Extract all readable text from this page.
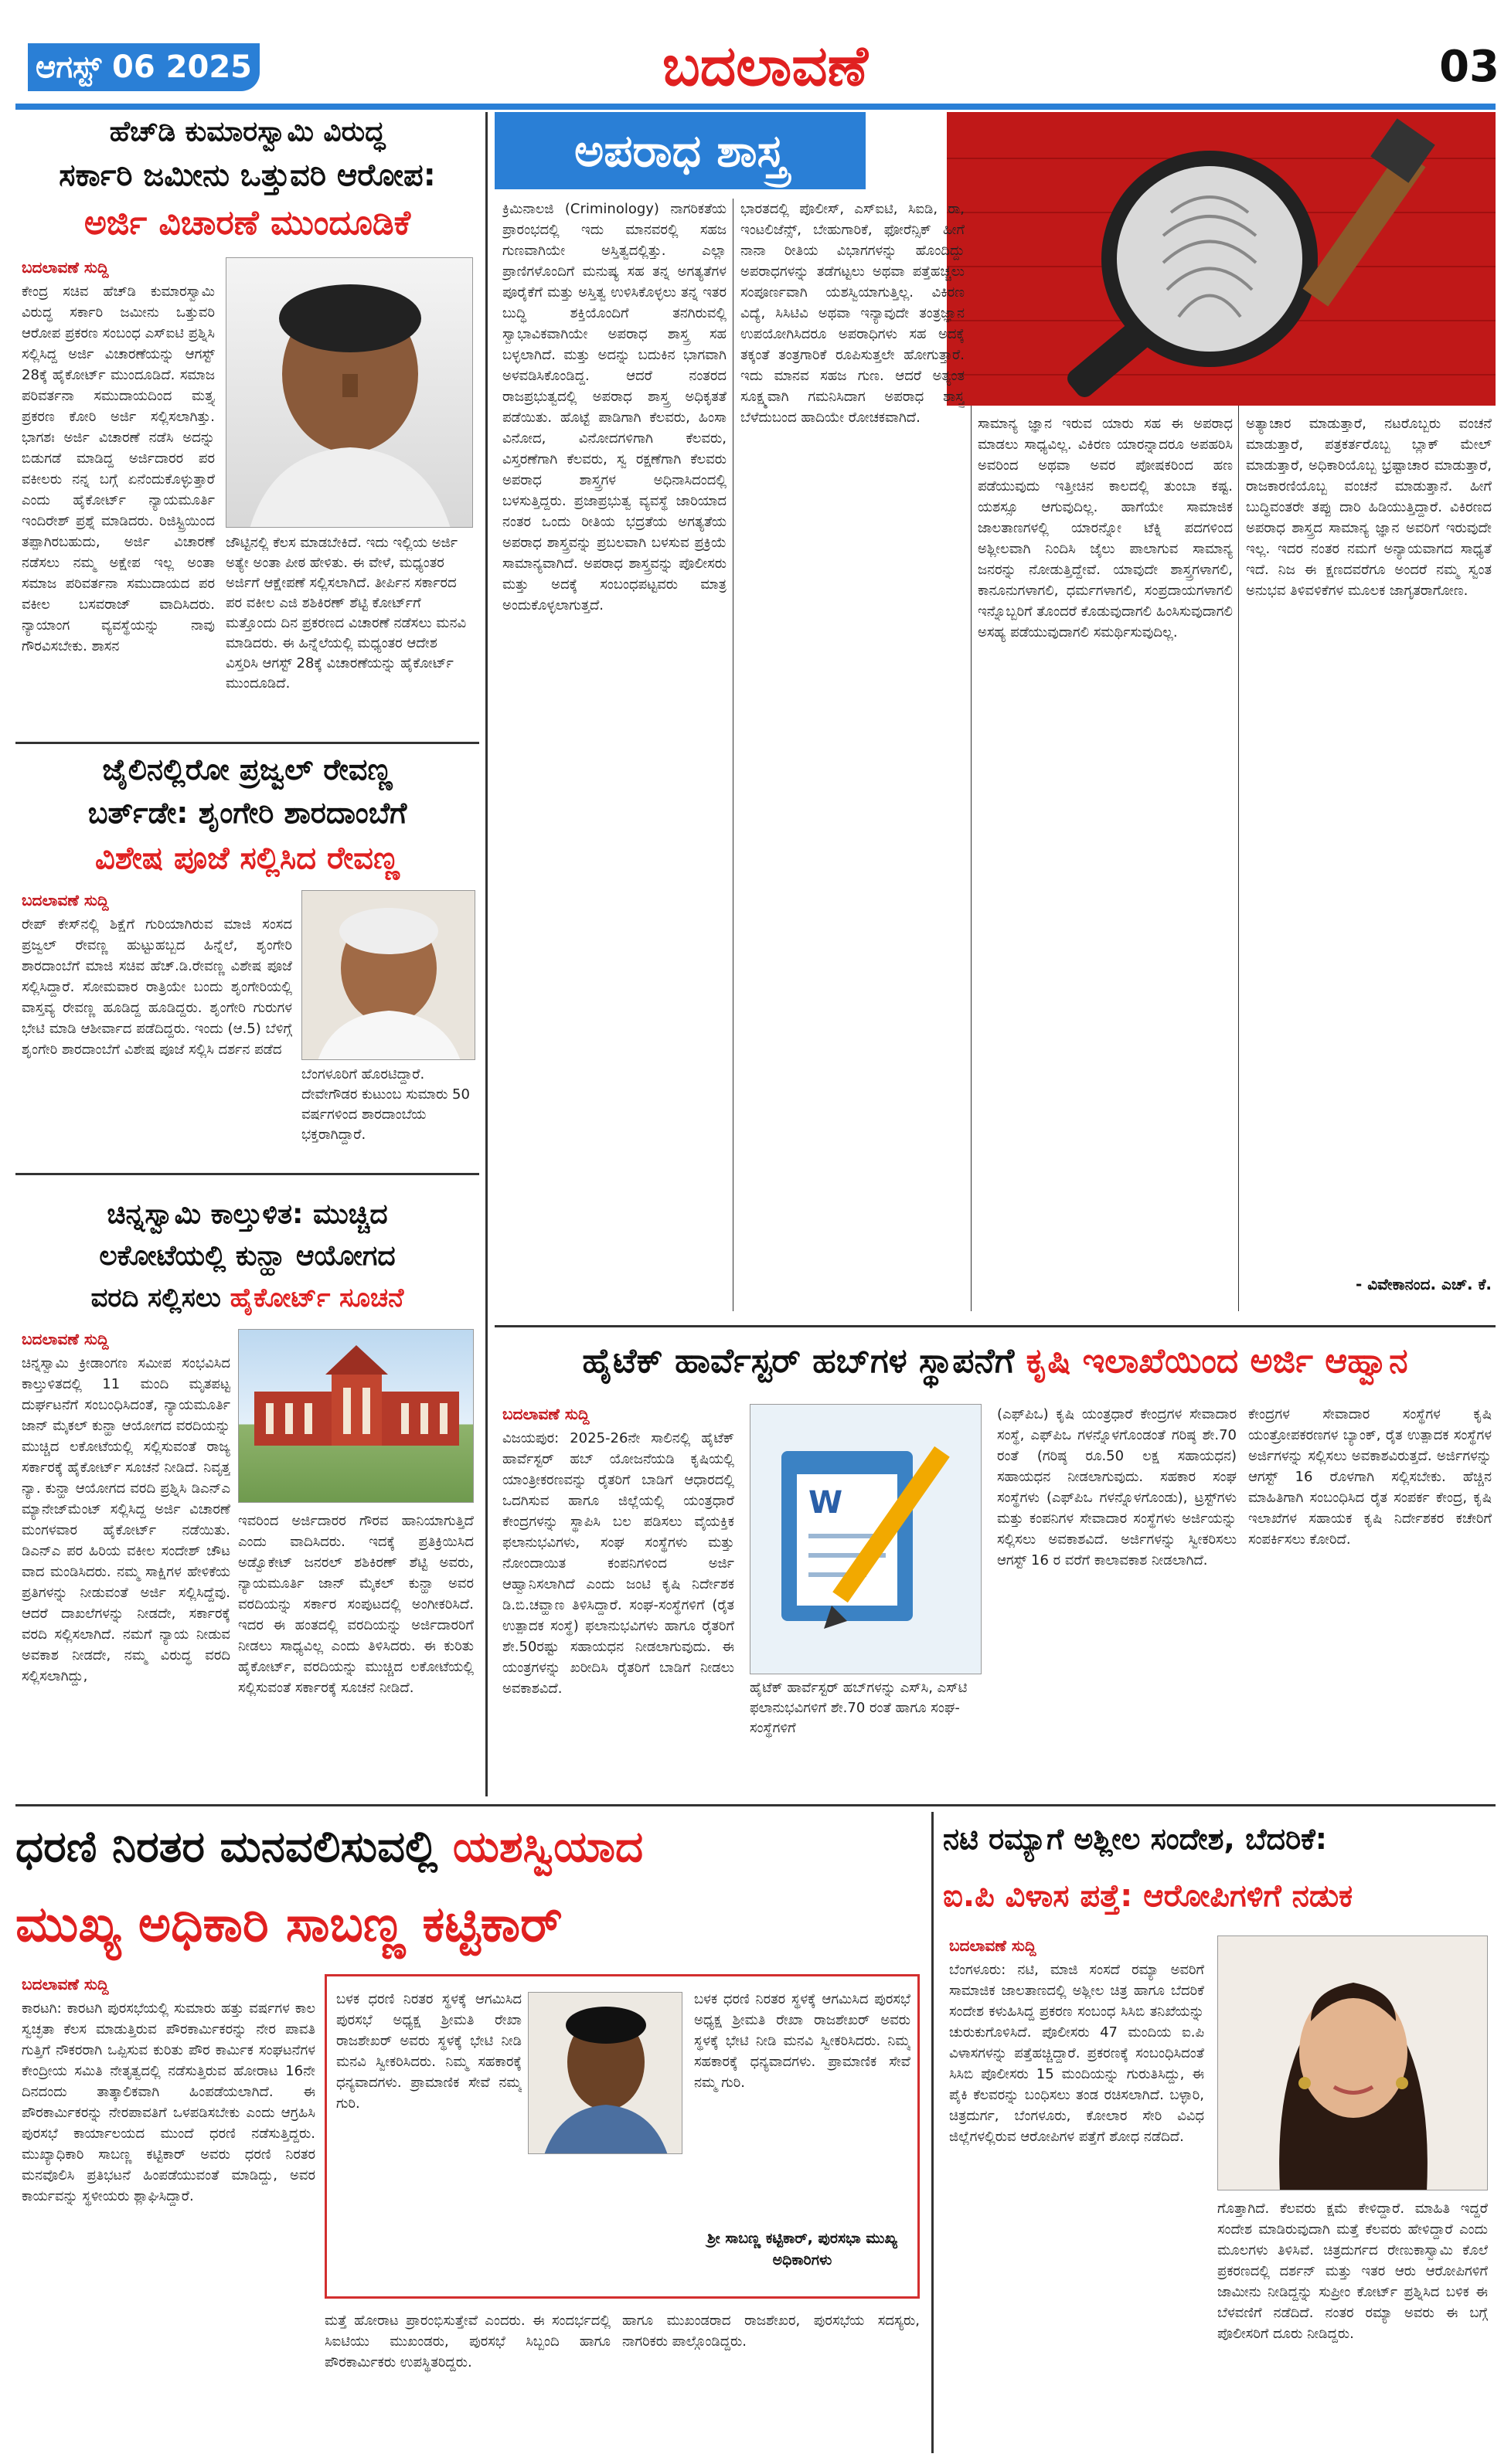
ಆಗಸ್ಟ್ 06 2025	ಬದಲಾವಣೆ	03
ಹೆಚ್‌ಡಿ ಕುಮಾರಸ್ವಾಮಿ ವಿರುದ್ಧ
ಸರ್ಕಾರಿ ಜಮೀನು ಒತ್ತುವರಿ ಆರೋಪ:
ಅರ್ಜಿ ವಿಚಾರಣೆ ಮುಂದೂಡಿಕೆ
ಬದಲಾವಣೆ ಸುದ್ದಿ
ಕೇಂದ್ರ ಸಚಿವ ಹೆಚ್‌ಡಿ ಕುಮಾರಸ್ವಾಮಿ ವಿರುದ್ಧ ಸರ್ಕಾರಿ ಜಮೀನು ಒತ್ತುವರಿ ಆರೋಪ ಪ್ರಕರಣ ಸಂಬಂಧ ಎಸ್‌ಐಟಿ ಪ್ರಶ್ನಿಸಿ ಸಲ್ಲಿಸಿದ್ದ ಅರ್ಜಿ ವಿಚಾರಣೆಯನ್ನು ಆಗಸ್ಟ್ 28ಕ್ಕೆ ಹೈಕೋರ್ಟ್ ಮುಂದೂಡಿದೆ. ಸಮಾಜ ಪರಿವರ್ತನಾ ಸಮುದಾಯದಿಂದ ಮತ್ತ್ಯ ಪ್ರಕರಣ ಕೋರಿ ಅರ್ಜಿ ಸಲ್ಲಿಸಲಾಗಿತ್ತು. ಭಾಗಶಃ ಅರ್ಜಿ ವಿಚಾರಣೆ ನಡೆಸಿ ಅದನ್ನು ಬಿಡುಗಡೆ ಮಾಡಿದ್ದ ಅರ್ಜಿದಾರರ ಪರ ವಕೀಲರು ನನ್ನ ಬಗ್ಗೆ ಏನೆಂದುಕೊಳ್ಳುತ್ತಾರೆ ಎಂದು ಹೈಕೋರ್ಟ್ ನ್ಯಾಯಮೂರ್ತಿ ಇಂದಿರೇಶ್ ಪ್ರಶ್ನೆ ಮಾಡಿದರು. ರಿಜಿಸ್ಟ್ರಿಯಿಂದ ತಪ್ಪಾಗಿರಬಹುದು, ಅರ್ಜಿ ವಿಚಾರಣೆ ನಡೆಸಲು ನಮ್ಮ ಅಕ್ಷೇಪ ಇಲ್ಲ ಅಂತಾ ಸಮಾಜ ಪರಿವರ್ತನಾ ಸಮುದಾಯದ ಪರ ವಕೀಲ ಬಸವರಾಜ್ ವಾದಿಸಿದರು. ನ್ಯಾಯಾಂಗ ವ್ಯವಸ್ಥೆಯನ್ನು ನಾವು ಗೌರವಿಸಬೇಕು. ಶಾಸನ
ಜೌಟ್ಟಿನಲ್ಲಿ ಕೆಲಸ ಮಾಡಬೇಕಿದೆ. ಇದು ಇಲ್ಲಿಯ ಅರ್ಜಿ ಅತ್ಯೇ ಅಂತಾ ಪೀಠ ಹೇಳಿತು. ಈ ವೇಳೆ, ಮಧ್ಯಂತರ ಅರ್ಜಿಗೆ ಆಕ್ಷೇಪಣೆ ಸಲ್ಲಿಸಲಾಗಿದೆ. ತೀರ್ಪಿನ ಸರ್ಕಾರದ ಪರ ವಕೀಲ ಎಜಿ ಶಶಿಕಿರಣ್ ಶೆಟ್ಟಿ ಕೋರ್ಟ್‌ಗೆ ಮತ್ತೊಂದು ದಿನ ಪ್ರಕರಣದ ವಿಚಾರಣೆ ನಡೆಸಲು ಮನವಿ ಮಾಡಿದರು. ಈ ಹಿನ್ನೆಲೆಯಲ್ಲಿ ಮಧ್ಯಂತರ ಆದೇಶ ವಿಸ್ತರಿಸಿ ಆಗಸ್ಟ್ 28ಕ್ಕೆ ವಿಚಾರಣೆಯನ್ನು ಹೈಕೋರ್ಟ್ ಮುಂದೂಡಿದೆ.
ಜೈಲಿನಲ್ಲಿರೋ ಪ್ರಜ್ವಲ್ ರೇವಣ್ಣ
ಬರ್ತ್‌ಡೇ: ಶೃಂಗೇರಿ ಶಾರದಾಂಬೆಗೆ
ವಿಶೇಷ ಪೂಜೆ ಸಲ್ಲಿಸಿದ ರೇವಣ್ಣ
ಬದಲಾವಣೆ ಸುದ್ದಿ
ರೇಪ್ ಕೇಸ್‌ನಲ್ಲಿ ಶಿಕ್ಷೆಗೆ ಗುರಿಯಾಗಿರುವ ಮಾಜಿ ಸಂಸದ ಪ್ರಜ್ವಲ್ ರೇವಣ್ಣ ಹುಟ್ಟುಹಬ್ಬದ ಹಿನ್ನೆಲೆ, ಶೃಂಗೇರಿ ಶಾರದಾಂಬೆಗೆ ಮಾಜಿ ಸಚಿವ ಹೆಚ್.ಡಿ.ರೇವಣ್ಣ ವಿಶೇಷ ಪೂಜೆ ಸಲ್ಲಿಸಿದ್ದಾರೆ. ಸೋಮವಾರ ರಾತ್ರಿಯೇ ಬಂದು ಶೃಂಗೇರಿಯಲ್ಲಿ ವಾಸ್ತವ್ಯ ರೇವಣ್ಣ ಹೂಡಿದ್ದ ಹೂಡಿದ್ದರು. ಶೃಂಗೇರಿ ಗುರುಗಳ ಭೇಟಿ ಮಾಡಿ ಆಶೀರ್ವಾದ ಪಡೆದಿದ್ದರು. ಇಂದು (ಆ.5) ಬೆಳಿಗ್ಗೆ ಶೃಂಗೇರಿ ಶಾರದಾಂಬೆಗೆ ವಿಶೇಷ ಪೂಜೆ ಸಲ್ಲಿಸಿ ದರ್ಶನ ಪಡೆದ
ಬೆಂಗಳೂರಿಗೆ ಹೊರಟಿದ್ದಾರೆ. ದೇವೇಗೌಡರ ಕುಟುಂಬ ಸುಮಾರು 50 ವರ್ಷಗಳಿಂದ ಶಾರದಾಂಬೆಯ ಭಕ್ತರಾಗಿದ್ದಾರೆ.
ಚಿನ್ನಸ್ವಾಮಿ ಕಾಲ್ತುಳಿತ: ಮುಚ್ಚಿದ
ಲಕೋಟೆಯಲ್ಲಿ ಕುನ್ಹಾ ಆಯೋಗದ
ವರದಿ ಸಲ್ಲಿಸಲು ಹೈಕೋರ್ಟ್ ಸೂಚನೆ
ಬದಲಾವಣೆ ಸುದ್ದಿ
ಚಿನ್ನಸ್ವಾಮಿ ಕ್ರೀಡಾಂಗಣ ಸಮೀಪ ಸಂಭವಿಸಿದ ಕಾಲ್ತುಳಿತದಲ್ಲಿ 11 ಮಂದಿ ಮೃತಪಟ್ಟ ದುರ್ಘಟನೆಗೆ ಸಂಬಂಧಿಸಿದಂತೆ, ನ್ಯಾಯಮೂರ್ತಿ ಜಾನ್ ಮೈಕಲ್ ಕುನ್ಹಾ ಆಯೋಗದ ವರದಿಯನ್ನು ಮುಚ್ಚಿದ ಲಕೋಟೆಯಲ್ಲಿ ಸಲ್ಲಿಸುವಂತೆ ರಾಜ್ಯ ಸರ್ಕಾರಕ್ಕೆ ಹೈಕೋರ್ಟ್ ಸೂಚನೆ ನೀಡಿದೆ. ನಿವೃತ್ತ ನ್ಯಾ. ಕುನ್ಹಾ ಆಯೋಗದ ವರದಿ ಪ್ರಶ್ನಿಸಿ ಡಿಎನ್‌ಎ ಮ್ಯಾನೇಜ್‌ಮೆಂಟ್ ಸಲ್ಲಿಸಿದ್ದ ಅರ್ಜಿ ವಿಚಾರಣೆ ಮಂಗಳವಾರ ಹೈಕೋರ್ಟ್ ನಡೆಯಿತು. ಡಿಎನ್‌ಎ ಪರ ಹಿರಿಯ ವಕೀಲ ಸಂದೇಶ್ ಚೌಟ ವಾದ ಮಂಡಿಸಿದರು. ನಮ್ಮ ಸಾಕ್ಷಿಗಳ ಹೇಳಿಕೆಯ ಪ್ರತಿಗಳನ್ನು ನೀಡುವಂತೆ ಅರ್ಜಿ ಸಲ್ಲಿಸಿದ್ದೆವು. ಆದರೆ ದಾಖಲೆಗಳನ್ನು ನೀಡದೇ, ಸರ್ಕಾರಕ್ಕೆ ವರದಿ ಸಲ್ಲಿಸಲಾಗಿದೆ. ನಮಗೆ ನ್ಯಾಯ ನೀಡುವ ಅವಕಾಶ ನೀಡದೇ, ನಮ್ಮ ವಿರುದ್ಧ ವರದಿ ಸಲ್ಲಿಸಲಾಗಿದ್ದು,
ಇವರಿಂದ ಅರ್ಜಿದಾರರ ಗೌರವ ಹಾನಿಯಾಗುತ್ತಿದೆ ಎಂದು ವಾದಿಸಿದರು. ಇದಕ್ಕೆ ಪ್ರತಿಕ್ರಿಯಿಸಿದ ಅಡ್ವೊಕೇಟ್ ಜನರಲ್ ಶಶಿಕಿರಣ್ ಶೆಟ್ಟಿ ಅವರು, ನ್ಯಾಯಮೂರ್ತಿ ಜಾನ್ ಮೈಕಲ್ ಕುನ್ಹಾ ಅವರ ವರದಿಯನ್ನು ಸರ್ಕಾರ ಸಂಪುಟದಲ್ಲಿ ಅಂಗೀಕರಿಸಿದೆ. ಇದರ ಈ ಹಂತದಲ್ಲಿ ವರದಿಯನ್ನು ಅರ್ಜಿದಾರರಿಗೆ ನೀಡಲು ಸಾಧ್ಯವಿಲ್ಲ ಎಂದು ತಿಳಿಸಿದರು. ಈ ಕುರಿತು ಹೈಕೋರ್ಟ್, ವರದಿಯನ್ನು ಮುಚ್ಚಿದ ಲಕೋಟೆಯಲ್ಲಿ ಸಲ್ಲಿಸುವಂತೆ ಸರ್ಕಾರಕ್ಕೆ ಸೂಚನೆ ನೀಡಿದೆ.
ಅಪರಾಧ ಶಾಸ್ತ್ರ
ಕ್ರಿಮಿನಾಲಜಿ (Criminology) ನಾಗರಿಕತೆಯ ಪ್ರಾರಂಭದಲ್ಲಿ ಇದು ಮಾನವರಲ್ಲಿ ಸಹಜ ಗುಣವಾಗಿಯೇ ಅಸ್ತಿತ್ವದಲ್ಲಿತ್ತು. ಎಲ್ಲಾ ಪ್ರಾಣಿಗಳೊಂದಿಗೆ ಮನುಷ್ಯ ಸಹ ತನ್ನ ಅಗತ್ಯತೆಗಳ ಪೂರೈಕೆಗೆ ಮತ್ತು ಅಸ್ತಿತ್ವ ಉಳಿಸಿಕೊಳ್ಳಲು ತನ್ನ ಇತರ ಬುದ್ಧಿ ಶಕ್ತಿಯೊಂದಿಗೆ ತನಗಿರುವಲ್ಲಿ ಸ್ವಾಭಾವಿಕವಾಗಿಯೇ ಅಪರಾಧ ಶಾಸ್ತ್ರ ಸಹ ಬಳ್ಳಲಾಗಿದೆ. ಮತ್ತು ಅದನ್ನು ಬದುಕಿನ ಭಾಗವಾಗಿ ಅಳವಡಿಸಿಕೊಂಡಿದ್ದ. ಆದರೆ ನಂತರದ ರಾಜಪ್ರಭುತ್ವದಲ್ಲಿ ಅಪರಾಧ ಶಾಸ್ತ್ರ ಅಧಿಕೃತತೆ ಪಡೆಯಿತು. ಹೊಟ್ಟೆ ಪಾಡಿಗಾಗಿ ಕೆಲವರು, ಹಿಂಸಾ ವಿನೋದ, ವಿನೋದಗಳಿಗಾಗಿ ಕೆಲವರು, ವಿಸ್ತರಣೆಗಾಗಿ ಕೆಲವರು, ಸ್ವ ರಕ್ಷಣೆಗಾಗಿ ಕೆಲವರು ಅಪರಾಧ ಶಾಸ್ತ್ರಗಳ ಅಧಿನಾಸಿದಂದಲ್ಲಿ ಬಳಸುತ್ತಿದ್ದರು. ಪ್ರಜಾಪ್ರಭುತ್ವ ವ್ಯವಸ್ಥೆ ಜಾರಿಯಾದ ನಂತರ ಒಂದು ರೀತಿಯ ಭದ್ರತೆಯ ಅಗತ್ಯತೆಯ ಅಪರಾಧ ಶಾಸ್ತ್ರವನ್ನು ಪ್ರಬಲವಾಗಿ ಬಳಸುವ ಪ್ರಕ್ರಿಯೆ ಸಾಮಾನ್ಯವಾಗಿದೆ. ಅಪರಾಧ ಶಾಸ್ತ್ರವನ್ನು ಪೊಲೀಸರು ಮತ್ತು ಅದಕ್ಕೆ ಸಂಬಂಧಪಟ್ಟವರು ಮಾತ್ರ ಅಂದುಕೊಳ್ಳಲಾಗುತ್ತದೆ.
ಭಾರತದಲ್ಲಿ ಪೊಲೀಸ್, ಎಸ್‌ಐಟಿ, ಸಿಐಡಿ, ರಾ, ಇಂಟಲಿಜೆನ್ಸ್, ಬೇಹುಗಾರಿಕೆ, ಫೋರೆನ್ಸಿಕ್ ಹೀಗೆ ನಾನಾ ರೀತಿಯ ವಿಭಾಗಗಳನ್ನು ಹೊಂದಿದ್ದು ಅಪರಾಧಗಳನ್ನು ತಡೆಗಟ್ಟಲು ಅಥವಾ ಪತ್ತೆಹಚ್ಚಲು ಸಂಪೂರ್ಣವಾಗಿ ಯಶಸ್ವಿಯಾಗುತ್ತಿಲ್ಲ. ವಿಕಿರಣ ವಿದ್ಯೆ, ಸಿಸಿಟಿವಿ ಅಥವಾ ಇನ್ಯಾವುದೇ ತಂತ್ರಜ್ಞಾನ ಉಪಯೋಗಿಸಿದರೂ ಅಪರಾಧಿಗಳು ಸಹ ಅದಕ್ಕೆ ತಕ್ಕಂತೆ ತಂತ್ರಗಾರಿಕೆ ರೂಪಿಸುತ್ತಲೇ ಹೋಗುತ್ತಾರೆ. ಇದು ಮಾನವ ಸಹಜ ಗುಣ. ಆದರೆ ಅತ್ಯಂತ ಸೂಕ್ಷ್ಮವಾಗಿ ಗಮನಿಸಿದಾಗ ಅಪರಾಧ ಶಾಸ್ತ್ರ ಬೆಳೆದುಬಂದ ಹಾದಿಯೇ ರೋಚಕವಾಗಿದೆ.	ಸಾಮಾನ್ಯ ಜ್ಞಾನ ಇರುವ ಯಾರು ಸಹ ಈ ಅಪರಾಧ ಮಾಡಲು ಸಾಧ್ಯವಿಲ್ಲ. ವಿಕಿರಣ ಯಾರನ್ನಾದರೂ ಅಪಹರಿಸಿ ಅವರಿಂದ ಅಥವಾ ಅವರ ಪೋಷಕರಿಂದ ಹಣ ಪಡೆಯುವುದು ಇತ್ತೀಚಿನ ಕಾಲದಲ್ಲಿ ತುಂಬಾ ಕಷ್ಟ. ಯಶಸ್ಸೂ ಆಗುವುದಿಲ್ಲ. ಹಾಗೆಯೇ ಸಾಮಾಜಿಕ ಜಾಲತಾಣಗಳಲ್ಲಿ ಯಾರನ್ನೋ ಟೆಕ್ನಿ ಪದಗಳಿಂದ ಅಶ್ಲೀಲವಾಗಿ ನಿಂದಿಸಿ ಜೈಲು ಪಾಲಾಗುವ ಸಾಮಾನ್ಯ ಜನರನ್ನು ನೋಡುತ್ತಿದ್ದೇವೆ. ಯಾವುದೇ ಶಾಸ್ತ್ರಗಳಾಗಲಿ, ಕಾನೂನುಗಳಾಗಲಿ, ಧರ್ಮಗಳಾಗಲಿ, ಸಂಪ್ರದಾಯಗಳಾಗಲಿ ಇನ್ನೊಬ್ಬರಿಗೆ ತೊಂದರೆ ಕೊಡುವುದಾಗಲಿ ಹಿಂಸಿಸುವುದಾಗಲಿ ಅಸಹ್ಯ ಪಡೆಯುವುದಾಗಲಿ ಸಮರ್ಥಿಸುವುದಿಲ್ಲ.
ಅತ್ಯಾಚಾರ ಮಾಡುತ್ತಾರೆ, ನಟರೊಬ್ಬರು ವಂಚನೆ ಮಾಡುತ್ತಾರೆ, ಪತ್ರಕರ್ತರೊಬ್ಬ ಬ್ಲಾಕ್ ಮೇಲ್ ಮಾಡುತ್ತಾರೆ, ಅಧಿಕಾರಿಯೊಬ್ಬ ಭ್ರಷ್ಟಾಚಾರ ಮಾಡುತ್ತಾರೆ, ರಾಜಕಾರಣಿಯೊಬ್ಬ ವಂಚನೆ ಮಾಡುತ್ತಾನೆ. ಹೀಗೆ ಬುದ್ಧಿವಂತರೇ ತಪ್ಪು ದಾರಿ ಹಿಡಿಯುತ್ತಿದ್ದಾರೆ. ವಿಕಿರಣದ ಅಪರಾಧ ಶಾಸ್ತ್ರದ ಸಾಮಾನ್ಯ ಜ್ಞಾನ ಅವರಿಗೆ ಇರುವುದೇ ಇಲ್ಲ. ಇದರ ನಂತರ ನಮಗೆ ಅನ್ಯಾಯವಾಗದ ಸಾಧ್ಯತೆ ಇದೆ. ನಿಜ ಈ ಕ್ಷಣದವರೆಗೂ ಅಂದರೆ ನಮ್ಮ ಸ್ವಂತ ಅನುಭವ ತಿಳಿವಳಿಕೆಗಳ ಮೂಲಕ ಜಾಗೃತರಾಗೋಣ.
- ವಿವೇಕಾನಂದ. ಎಚ್. ಕೆ.
ಹೈಟೆಕ್ ಹಾರ್ವೆಸ್ಟರ್ ಹಬ್‌ಗಳ ಸ್ಥಾಪನೆಗೆ ಕೃಷಿ ಇಲಾಖೆಯಿಂದ ಅರ್ಜಿ ಆಹ್ವಾನ
ಬದಲಾವಣೆ ಸುದ್ದಿ
ವಿಜಯಪುರ: 2025-26ನೇ ಸಾಲಿನಲ್ಲಿ ಹೈಟೆಕ್ ಹಾರ್ವೆಸ್ಟರ್ ಹಬ್ ಯೋಜನೆಯಡಿ ಕೃಷಿಯಲ್ಲಿ ಯಾಂತ್ರೀಕರಣವನ್ನು ರೈತರಿಗೆ ಬಾಡಿಗೆ ಆಧಾರದಲ್ಲಿ ಒದಗಿಸುವ ಹಾಗೂ ಜಿಲ್ಲೆಯಲ್ಲಿ ಯಂತ್ರಧಾರೆ ಕೇಂದ್ರಗಳನ್ನು ಸ್ಥಾಪಿಸಿ ಬಲ ಪಡಿಸಲು ವೈಯಕ್ತಿಕ ಫಲಾನುಭವಿಗಳು, ಸಂಘ ಸಂಸ್ಥೆಗಳು ಮತ್ತು ನೋಂದಾಯಿತ ಕಂಪನಿಗಳಿಂದ ಅರ್ಜಿ ಆಹ್ವಾನಿಸಲಾಗಿದೆ ಎಂದು ಜಂಟಿ ಕೃಷಿ ನಿರ್ದೇಶಕ ಡಿ.ಬಿ.ಚವ್ಹಾಣ ತಿಳಿಸಿದ್ದಾರೆ. ಸಂಘ-ಸಂಸ್ಥೆಗಳಿಗೆ (ರೈತ ಉತ್ಪಾದಕ ಸಂಸ್ಥೆ) ಫಲಾನುಭವಿಗಳು ಹಾಗೂ ರೈತರಿಗೆ ಶೇ.50ರಷ್ಟು ಸಹಾಯಧನ ನೀಡಲಾಗುವುದು. ಈ ಯಂತ್ರಗಳನ್ನು ಖರೀದಿಸಿ ರೈತರಿಗೆ ಬಾಡಿಗೆ ನೀಡಲು ಅವಕಾಶವಿದೆ.
W
ಹೈಟೆಕ್ ಹಾರ್ವೆಸ್ಟರ್ ಹಬ್‌ಗಳನ್ನು ಎಸ್‌ಸಿ, ಎಸ್‌ಟಿ ಫಲಾನುಭವಿಗಳಿಗೆ ಶೇ.70 ರಂತೆ ಹಾಗೂ ಸಂಘ-ಸಂಸ್ಥೆಗಳಿಗೆ
(ಎಫ್‌ಪಿಒ) ಕೃಷಿ ಯಂತ್ರಧಾರೆ ಕೇಂದ್ರಗಳ ಸೇವಾದಾರ ಸಂಸ್ಥೆ, ಎಫ್‌ಪಿಒ ಗಳನ್ನೊಳಗೊಂಡಂತೆ ಗರಿಷ್ಠ ಶೇ.70 ರಂತೆ (ಗರಿಷ್ಠ ರೂ.50 ಲಕ್ಷ ಸಹಾಯಧನ) ಸಹಾಯಧನ ನೀಡಲಾಗುವುದು. ಸಹಕಾರ ಸಂಘ ಸಂಸ್ಥೆಗಳು (ಎಫ್‌ಪಿಒ ಗಳನ್ನೊಳಗೊಂಡು), ಟ್ರಸ್ಟ್‌ಗಳು ಮತ್ತು ಕಂಪನಿಗಳ ಸೇವಾದಾರ ಸಂಸ್ಥೆಗಳು ಅರ್ಜಿಯನ್ನು ಸಲ್ಲಿಸಲು ಅವಕಾಶವಿದೆ. ಅರ್ಜಿಗಳನ್ನು ಸ್ವೀಕರಿಸಲು ಆಗಸ್ಟ್ 16 ರ ವರೆಗೆ ಕಾಲಾವಕಾಶ ನೀಡಲಾಗಿದೆ.
ಕೇಂದ್ರಗಳ ಸೇವಾದಾರ ಸಂಸ್ಥೆಗಳ ಕೃಷಿ ಯಂತ್ರೋಪಕರಣಗಳ ಬ್ಯಾಂಕ್, ರೈತ ಉತ್ಪಾದಕ ಸಂಸ್ಥೆಗಳ ಅರ್ಜಿಗಳನ್ನು ಸಲ್ಲಿಸಲು ಅವಕಾಶವಿರುತ್ತದೆ. ಅರ್ಜಿಗಳನ್ನು ಆಗಸ್ಟ್ 16 ರೊಳಗಾಗಿ ಸಲ್ಲಿಸಬೇಕು. ಹೆಚ್ಚಿನ ಮಾಹಿತಿಗಾಗಿ ಸಂಬಂಧಿಸಿದ ರೈತ ಸಂಪರ್ಕ ಕೇಂದ್ರ, ಕೃಷಿ ಇಲಾಖೆಗಳ ಸಹಾಯಕ ಕೃಷಿ ನಿರ್ದೇಶಕರ ಕಚೇರಿಗೆ ಸಂಪರ್ಕಿಸಲು ಕೋರಿದೆ.
ಧರಣಿ ನಿರತರ ಮನವಲಿಸುವಲ್ಲಿ ಯಶಸ್ವಿಯಾದ
ಮುಖ್ಯ ಅಧಿಕಾರಿ ಸಾಬಣ್ಣ ಕಟ್ಟಿಕಾರ್
ಬದಲಾವಣೆ ಸುದ್ದಿ
ಕಾರಟಗಿ: ಕಾರಟಗಿ ಪುರಸಭೆಯಲ್ಲಿ ಸುಮಾರು ಹತ್ತು ವರ್ಷಗಳ ಕಾಲ ಸ್ವಚ್ಛತಾ ಕೆಲಸ ಮಾಡುತ್ತಿರುವ ಪೌರಕಾರ್ಮಿಕರನ್ನು ನೇರ ಪಾವತಿ ಗುತ್ತಿಗೆ ನೌಕರರಾಗಿ ಒಪ್ಪಿಸುವ ಕುರಿತು ಪೌರ ಕಾರ್ಮಿಕ ಸಂಘಟನೆಗಳ ಕೇಂದ್ರೀಯ ಸಮಿತಿ ನೇತೃತ್ವದಲ್ಲಿ ನಡೆಸುತ್ತಿರುವ ಹೋರಾಟ 16ನೇ ದಿನದಂದು ತಾತ್ಕಾಲಿಕವಾಗಿ ಹಿಂಪಡೆಯಲಾಗಿದೆ. ಈ ಪೌರಕಾರ್ಮಿಕರನ್ನು ನೇರಪಾವತಿಗೆ ಒಳಪಡಿಸಬೇಕು ಎಂದು ಆಗ್ರಹಿಸಿ ಪುರಸಭೆ ಕಾರ್ಯಾಲಯದ ಮುಂದೆ ಧರಣಿ ನಡೆಸುತ್ತಿದ್ದರು. ಮುಖ್ಯಾಧಿಕಾರಿ ಸಾಬಣ್ಣ ಕಟ್ಟಿಕಾರ್ ಅವರು ಧರಣಿ ನಿರತರ ಮನವೊಲಿಸಿ ಪ್ರತಿಭಟನೆ ಹಿಂಪಡೆಯುವಂತೆ ಮಾಡಿದ್ದು, ಅವರ ಕಾರ್ಯವನ್ನು ಸ್ಥಳೀಯರು ಶ್ಲಾಘಿಸಿದ್ದಾರೆ.
ಬಳಕ ಧರಣಿ ನಿರತರ ಸ್ಥಳಕ್ಕೆ ಆಗಮಿಸಿದ ಪುರಸಭೆ ಅಧ್ಯಕ್ಷ ಶ್ರೀಮತಿ ರೇಖಾ ರಾಜಶೇಖರ್ ಅವರು ಸ್ಥಳಕ್ಕೆ ಭೇಟಿ ನೀಡಿ ಮನವಿ ಸ್ವೀಕರಿಸಿದರು. ನಿಮ್ಮ ಸಹಕಾರಕ್ಕೆ ಧನ್ಯವಾದಗಳು. ಪ್ರಾಮಾಣಿಕ ಸೇವೆ ನಮ್ಮ ಗುರಿ.
ಬಳಕ ಧರಣಿ ನಿರತರ ಸ್ಥಳಕ್ಕೆ ಆಗಮಿಸಿದ ಪುರಸಭೆ ಅಧ್ಯಕ್ಷ ಶ್ರೀಮತಿ ರೇಖಾ ರಾಜಶೇಖರ್ ಅವರು ಸ್ಥಳಕ್ಕೆ ಭೇಟಿ ನೀಡಿ ಮನವಿ ಸ್ವೀಕರಿಸಿದರು. ನಿಮ್ಮ ಸಹಕಾರಕ್ಕೆ ಧನ್ಯವಾದಗಳು. ಪ್ರಾಮಾಣಿಕ ಸೇವೆ ನಮ್ಮ ಗುರಿ.
ಶ್ರೀ ಸಾಬಣ್ಣ ಕಟ್ಟಿಕಾರ್, ಪುರಸಭಾ ಮುಖ್ಯ ಅಧಿಕಾರಿಗಳು
ಮತ್ತೆ ಹೋರಾಟ ಪ್ರಾರಂಭಿಸುತ್ತೇವೆ ಎಂದರು. ಈ ಸಂದರ್ಭದಲ್ಲಿ ಸಿಐಟಿಯು ಮುಖಂಡರು, ಪುರಸಭೆ ಸಿಬ್ಬಂದಿ ಹಾಗೂ ಪೌರಕಾರ್ಮಿಕರು ಉಪಸ್ಥಿತರಿದ್ದರು.
ಹಾಗೂ ಮುಖಂಡರಾದ ರಾಜಶೇಖರ, ಪುರಸಭೆಯ ಸದಸ್ಯರು, ನಾಗರಿಕರು ಪಾಲ್ಗೊಂಡಿದ್ದರು.
ನಟಿ ರಮ್ಯಾಗೆ ಅಶ್ಲೀಲ ಸಂದೇಶ, ಬೆದರಿಕೆ:
ಐ.ಪಿ ವಿಳಾಸ ಪತ್ತೆ: ಆರೋಪಿಗಳಿಗೆ ನಡುಕ
ಬದಲಾವಣೆ ಸುದ್ದಿ
ಬೆಂಗಳೂರು: ನಟಿ, ಮಾಜಿ ಸಂಸದೆ ರಮ್ಯಾ ಅವರಿಗೆ ಸಾಮಾಜಿಕ ಜಾಲತಾಣದಲ್ಲಿ ಅಶ್ಲೀಲ ಚಿತ್ರ ಹಾಗೂ ಬೆದರಿಕೆ ಸಂದೇಶ ಕಳುಹಿಸಿದ್ದ ಪ್ರಕರಣ ಸಂಬಂಧ ಸಿಸಿಬಿ ತನಿಖೆಯನ್ನು ಚುರುಕುಗೊಳಿಸಿದೆ. ಪೊಲೀಸರು 47 ಮಂದಿಯ ಐ.ಪಿ ವಿಳಾಸಗಳನ್ನು ಪತ್ತೆಹಚ್ಚಿದ್ದಾರೆ. ಪ್ರಕರಣಕ್ಕೆ ಸಂಬಂಧಿಸಿದಂತೆ ಸಿಸಿಬಿ ಪೊಲೀಸರು 15 ಮಂದಿಯನ್ನು ಗುರುತಿಸಿದ್ದು, ಈ ಪೈಕಿ ಕೆಲವರನ್ನು ಬಂಧಿಸಲು ತಂಡ ರಚಿಸಲಾಗಿದೆ. ಬಳ್ಳಾರಿ, ಚಿತ್ರದುರ್ಗ, ಬೆಂಗಳೂರು, ಕೋಲಾರ ಸೇರಿ ವಿವಿಧ ಜಿಲ್ಲೆಗಳಲ್ಲಿರುವ ಆರೋಪಿಗಳ ಪತ್ತೆಗೆ ಶೋಧ ನಡೆದಿದೆ.
ಗೊತ್ತಾಗಿದೆ. ಕೆಲವರು ಕ್ಷಮೆ ಕೇಳಿದ್ದಾರೆ. ಮಾಹಿತಿ ಇದ್ದರೆ ಸಂದೇಶ ಮಾಡಿರುವುದಾಗಿ ಮತ್ತೆ ಕೆಲವರು ಹೇಳಿದ್ದಾರೆ ಎಂದು ಮೂಲಗಳು ತಿಳಿಸಿವೆ. ಚಿತ್ರದುರ್ಗದ ರೇಣುಕಾಸ್ವಾಮಿ ಕೊಲೆ ಪ್ರಕರಣದಲ್ಲಿ ದರ್ಶನ್ ಮತ್ತು ಇತರ ಆರು ಆರೋಪಿಗಳಿಗೆ ಜಾಮೀನು ನೀಡಿದ್ದನ್ನು ಸುಪ್ರೀಂ ಕೋರ್ಟ್ ಪ್ರಶ್ನಿಸಿದ ಬಳಿಕ ಈ ಬೆಳವಣಿಗೆ ನಡೆದಿದೆ. ನಂತರ ರಮ್ಯಾ ಅವರು ಈ ಬಗ್ಗೆ ಪೊಲೀಸರಿಗೆ ದೂರು ನೀಡಿದ್ದರು.
